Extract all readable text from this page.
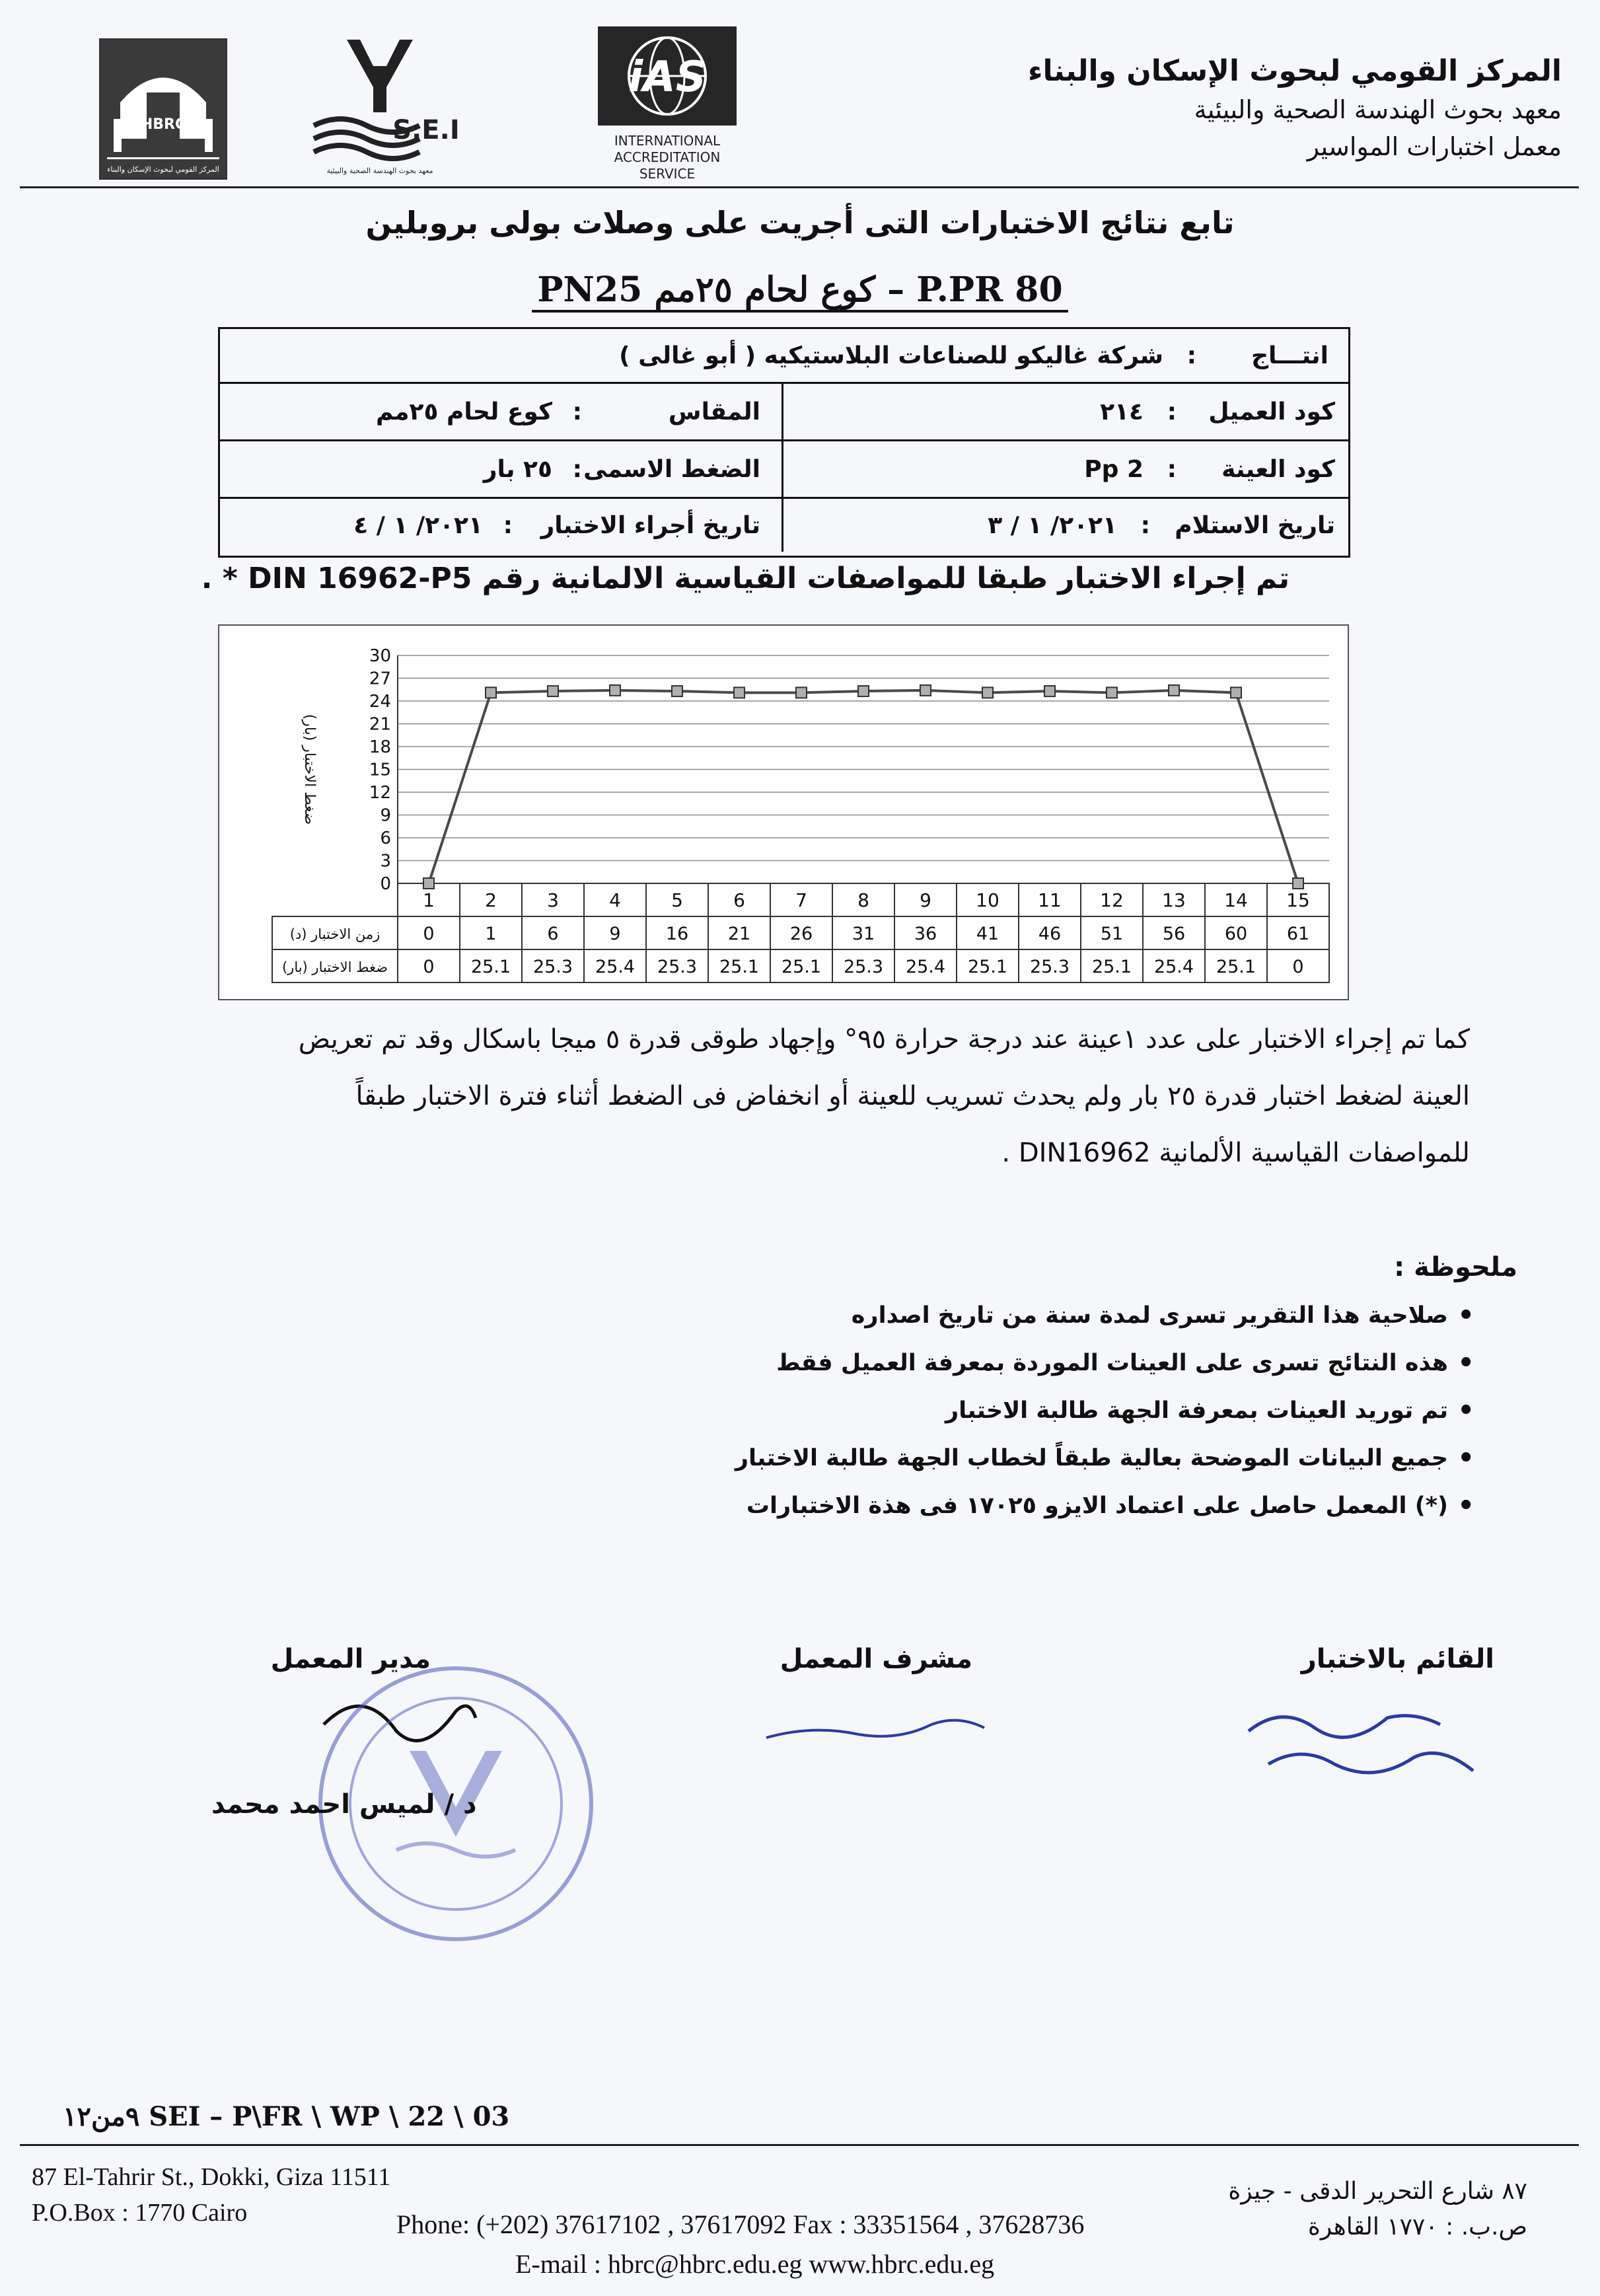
المركز القومي لبحوث الإسكان والبناء
معهد بحوث الهندسة الصحية والبيئية
معمل اختبارات المواسير
HBRC
المركز القومي لبحوث الإسكان والبناء
S.E.I
معهد بحوث الهندسة الصحية والبيئية
iAS
INTERNATIONAL
ACCREDITATION
SERVICE
تابع نتائج الاختبارات التى أجريت على وصلات بولى بروبلين
P.PR 80 – كوع لحام ٢٥مم PN25
انتـــاج
:
شركة غاليكو للصناعات البلاستيكيه ( أبو غالى )
كود العميل
:
٢١٤
المقاس
:
كوع لحام ٢٥مم
كود العينة
:
Pp 2
الضغط الاسمى
:
٢٥ بار
تاريخ الاستلام
:
٢٠٢١/ ١ / ٣
تاريخ أجراء الاختبار
:
٢٠٢١/ ١ / ٤
تم إجراء الاختبار طبقا للمواصفات القياسية الالمانية رقم DIN 16962-P5 * .
0
3
6
9
12
15
18
21
24
27
30
ضغط الاختبار (بار)
زمن الاختبار (د)
ضغط الاختبار (بار)
1
0
0
2
1
25.1
3
6
25.3
4
9
25.4
5
16
25.3
6
21
25.1
7
26
25.1
8
31
25.3
9
36
25.4
10
41
25.1
11
46
25.3
12
51
25.1
13
56
25.4
14
60
25.1
15
61
0
كما تم إجراء الاختبار على عدد ١عينة عند درجة حرارة ٩٥° وإجهاد طوقى قدرة ٥ ميجا باسكال وقد تم تعريض
العينة لضغط اختبار قدرة ٢٥ بار ولم يحدث تسريب للعينة أو انخفاض فى الضغط أثناء فترة الاختبار طبقاً
للمواصفات القياسية الألمانية DIN16962 .
ملحوظة :
• صلاحية هذا التقرير تسرى لمدة سنة من تاريخ اصداره
• هذه النتائج تسرى على العينات الموردة بمعرفة العميل فقط
• تم توريد العينات بمعرفة الجهة طالبة الاختبار
• جميع البيانات الموضحة بعالية طبقاً لخطاب الجهة طالبة الاختبار
• (*) المعمل حاصل على اعتماد الايزو ١٧٠٢٥ فى هذة الاختبارات
القائم بالاختبار
مشرف المعمل
مدير المعمل
د / لميس احمد محمد
SEI – P\FR \ WP \ 22 \ 03 ٩من١٢
87 El-Tahrir St., Dokki, Giza 11511
P.O.Box : 1770 Cairo
٨٧ شارع التحرير الدقى - جيزة
ص.ب. : ١٧٧٠ القاهرة
Phone: (+202) 37617102 , 37617092 Fax : 33351564 , 37628736
E-mail : hbrc@hbrc.edu.eg www.hbrc.edu.eg
